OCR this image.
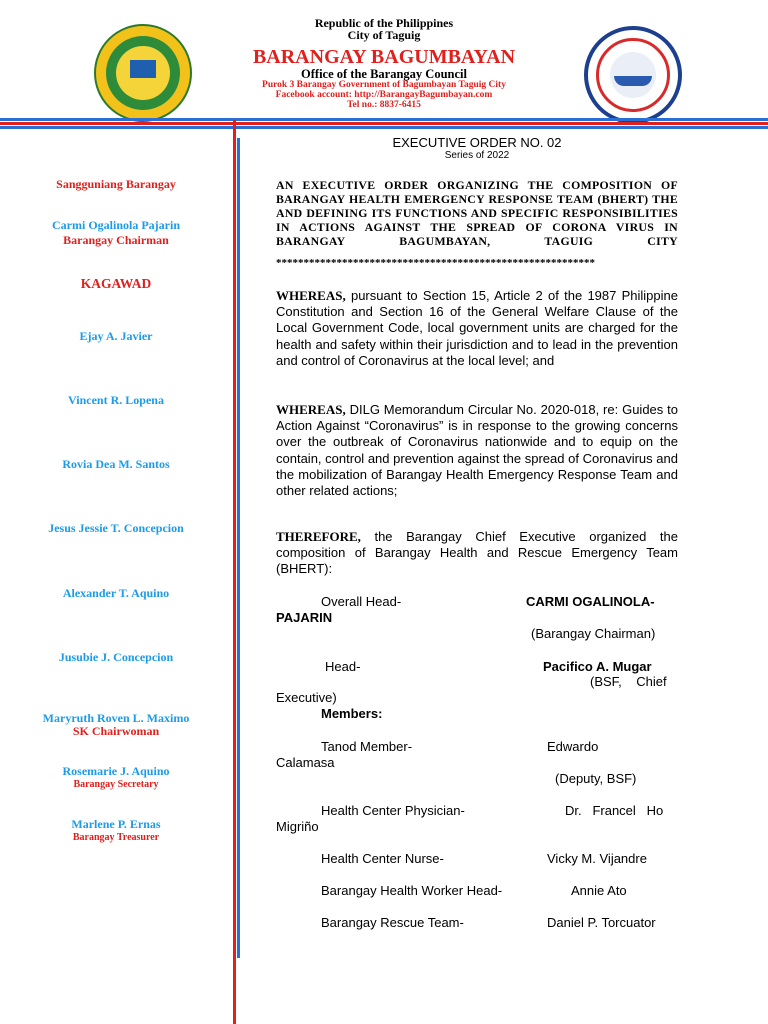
Republic of the Philippines
City of Taguig
BARANGAY BAGUMBAYAN
Office of the Barangay Council
Purok 3 Barangay Government of Bagumbayan Taguig City
Facebook account: http://BarangayBagumbayan.com
Tel no.: 8837-6415
Sangguniang Barangay
Carmi Ogalinola Pajarin
Barangay Chairman
KAGAWAD
Ejay A. Javier
Vincent R. Lopena
Rovia Dea M. Santos
Jesus Jessie T. Concepcion
Alexander T. Aquino
Jusubie J. Concepcion
Maryruth Roven L. Maximo
SK Chairwoman
Rosemarie J. Aquino
Barangay Secretary
Marlene P. Ernas
Barangay Treasurer
EXECUTIVE ORDER NO. 02
Series of 2022
AN EXECUTIVE ORDER ORGANIZING THE COMPOSITION OF BARANGAY HEALTH EMERGENCY RESPONSE TEAM (BHERT) THE AND DEFINING ITS FUNCTIONS AND SPECIFIC RESPONSIBILITIES IN ACTIONS AGAINST THE SPREAD OF CORONA VIRUS IN BARANGAY BAGUMBAYAN, TAGUIG CITY
**********************************************************

WHEREAS, pursuant to Section 15, Article 2 of the 1987 Philippine Constitution and Section 16 of the General Welfare Clause of the Local Government Code, local government units are charged for the health and safety within their jurisdiction and to lead in the prevention and control of Coronavirus at the local level; and

WHEREAS, DILG Memorandum Circular No. 2020-018, re: Guides to Action Against “Coronavirus” is in response to the growing concerns over the outbreak of Coronavirus nationwide and to equip on the contain, control and prevention against the spread of Coronavirus and the mobilization of Barangay Health Emergency Response Team and other related actions;

THEREFORE, the Barangay Chief Executive organized the composition of Barangay Health and Rescue Emergency Team (BHERT):

Overall Head-	CARMI OGALINOLA-
PAJARIN
(Barangay Chairman)
Head-	Pacifico A. Mugar
(BSF,    Chief
Executive)
Members:
Tanod Member-	Edwardo
Calamasa
(Deputy, BSF)
Health Center Physician-	Dr.   Francel   Ho
Migriño
Health Center Nurse-	Vicky M. Vijandre
Barangay Health Worker Head-	Annie Ato
Barangay Rescue Team-	Daniel P. Torcuator
